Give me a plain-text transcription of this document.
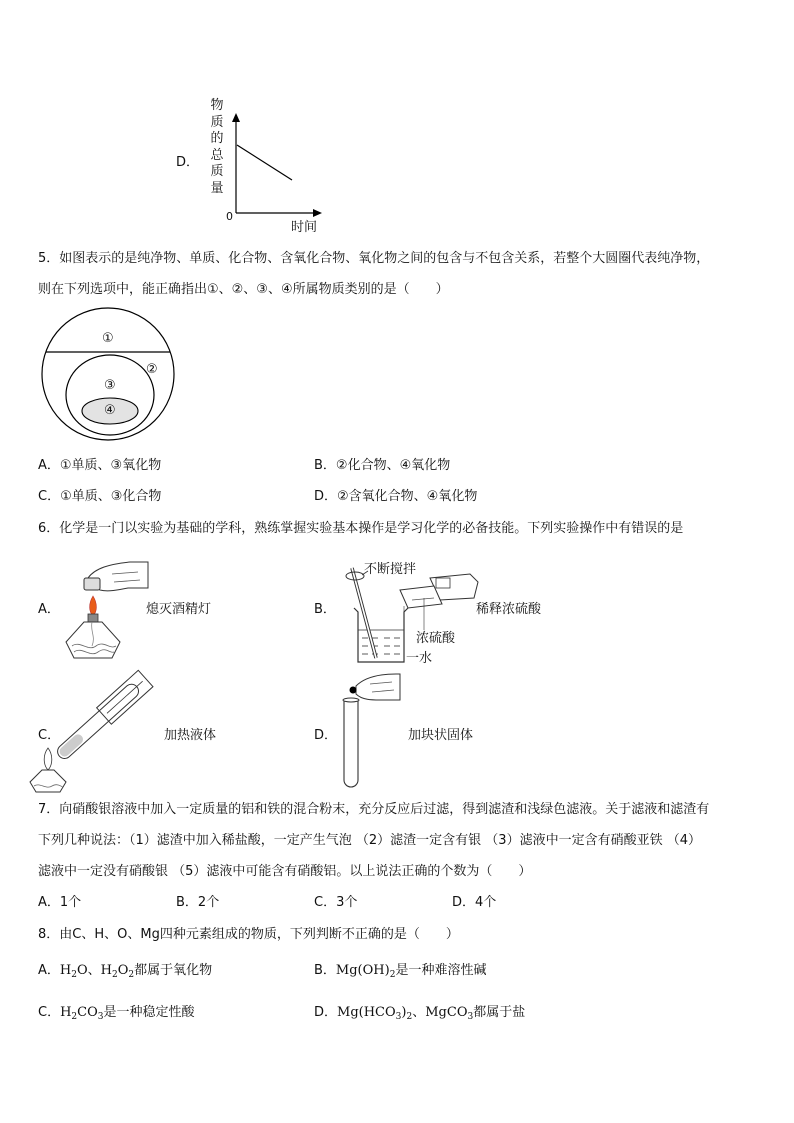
D．
物
质
的
总
质
量
0
时间
5．如图表示的是纯净物、单质、化合物、含氧化合物、氧化物之间的包含与不包含关系，若整个大圆圈代表纯净物，
则在下列选项中，能正确指出①、②、③、④所属物质类别的是（　　）
①
②
③
④
A．①单质、③氧化物	B．②化合物、④氧化物
C．①单质、③化合物	D．②含氧化合物、④氧化物
6．化学是一门以实验为基础的学科，熟练掌握实验基本操作是学习化学的必备技能。下列实验操作中有错误的是
A．	熄灭酒精灯	B．
不断搅拌
稀释浓硫酸
浓硫酸
一水
C．	加热液体	D．	加块状固体
7．向硝酸银溶液中加入一定质量的铝和铁的混合粉末，充分反应后过滤，得到滤渣和浅绿色滤液。关于滤液和滤渣有
下列几种说法：（1）滤渣中加入稀盐酸，一定产生气泡 （2）滤渣一定含有银 （3）滤液中一定含有硝酸亚铁 （4）
滤液中一定没有硝酸银 （5）滤液中可能含有硝酸铝。以上说法正确的个数为（　　）
A．1个	B．2个	C．3个	D．4个
8．由C、H、O、Mg四种元素组成的物质，下列判断不正确的是（　　）
A．$H_2O$、$H_2O_2$都属于氧化物	B．$Mg(OH)_2$是一种难溶性碱
C．$H_2CO_3$是一种稳定性酸	D．$Mg(HCO_3)_2$、MgCO$_3$都属于盐
